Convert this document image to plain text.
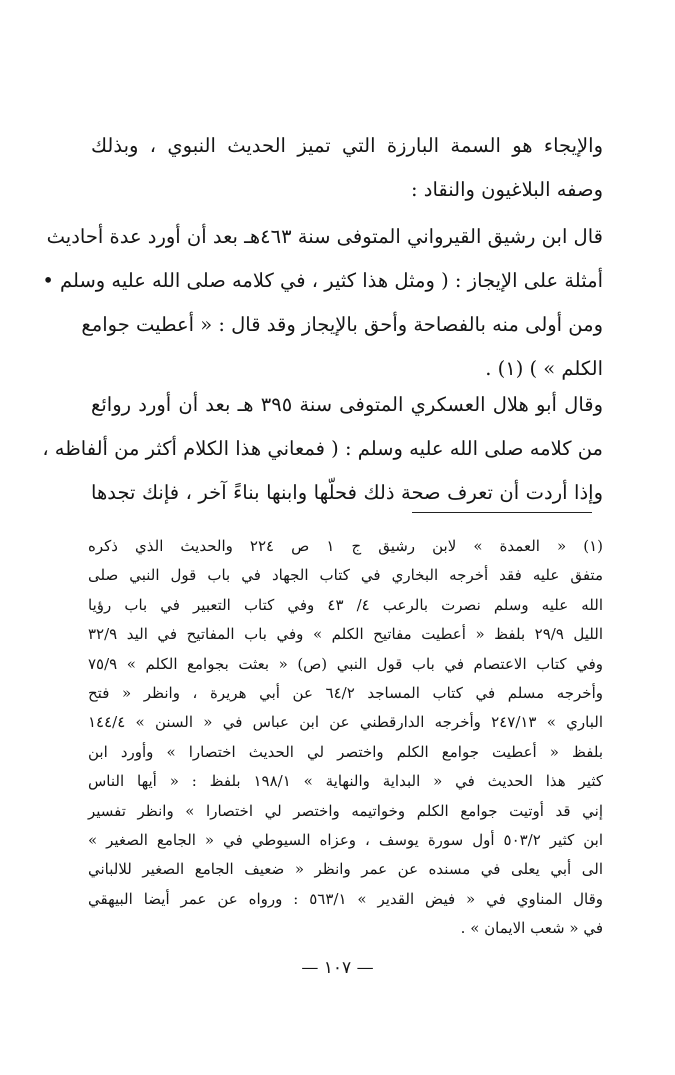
والإيجاء هو السمة البارزة التي تميز الحديث النبوي ، وبذلك
وصفه البلاغيون والنقاد :
قال ابن رشيق القيرواني المتوفى سنة ٤٦٣هـ بعد أن أورد عدة أحاديث
أمثلة على الإيجاز : ( ومثل هذا كثير ، في كلامه صلى الله عليه وسلم •
ومن أولى منه بالفصاحة وأحق بالإيجاز وقد قال : « أعطيت جوامع
الكلم » ) (١) .
وقال أبو هلال العسكري المتوفى سنة ٣٩٥ هـ بعد أن أورد روائع
من كلامه صلى الله عليه وسلم : ( فمعاني هذا الكلام أكثر من ألفاظه ،
وإذا أردت أن تعرف صحة ذلك فحلّها وابنها بناءً آخر ، فإنك تجدها
(١) « العمدة » لابن رشيق ج ١ ص ٢٢٤ والحديث الذي ذكره
متفق عليه فقد أخرجه البخاري في كتاب الجهاد في باب قول النبي صلى
الله عليه وسلم نصرت بالرعب ٤/ ٤٣ وفي كتاب التعبير في باب رؤيا
الليل ٢٩/٩ بلفظ « أعطيت مفاتيح الكلم » وفي باب المفاتيح في اليد ٣٢/٩
وفي كتاب الاعتصام في باب قول النبي (ص) « بعثت بجوامع الكلم » ٧٥/٩
وأخرجه مسلم في كتاب المساجد ٦٤/٢ عن أبي هريرة ، وانظر « فتح
الباري » ٢٤٧/١٣ وأخرجه الدارقطني عن ابن عباس في « السنن » ١٤٤/٤
بلفظ « أعطيت جوامع الكلم واختصر لي الحديث اختصارا » وأورد ابن
كثير هذا الحديث في « البداية والنهاية » ١٩٨/١ بلفظ : « أيها الناس
إني قد أوتيت جوامع الكلم وخواتيمه واختصر لي اختصارا » وانظر تفسير
ابن كثير ٥٠٣/٢ أول سورة يوسف ، وعزاه السيوطي في « الجامع الصغير »
الى أبي يعلى في مسنده عن عمر وانظر « ضعيف الجامع الصغير للالباني
وقال المناوي في « فيض القدير » ٥٦٣/١ : ورواه عن عمر أيضا البيهقي
في « شعب الايمان » .
— ١٠٧ —
